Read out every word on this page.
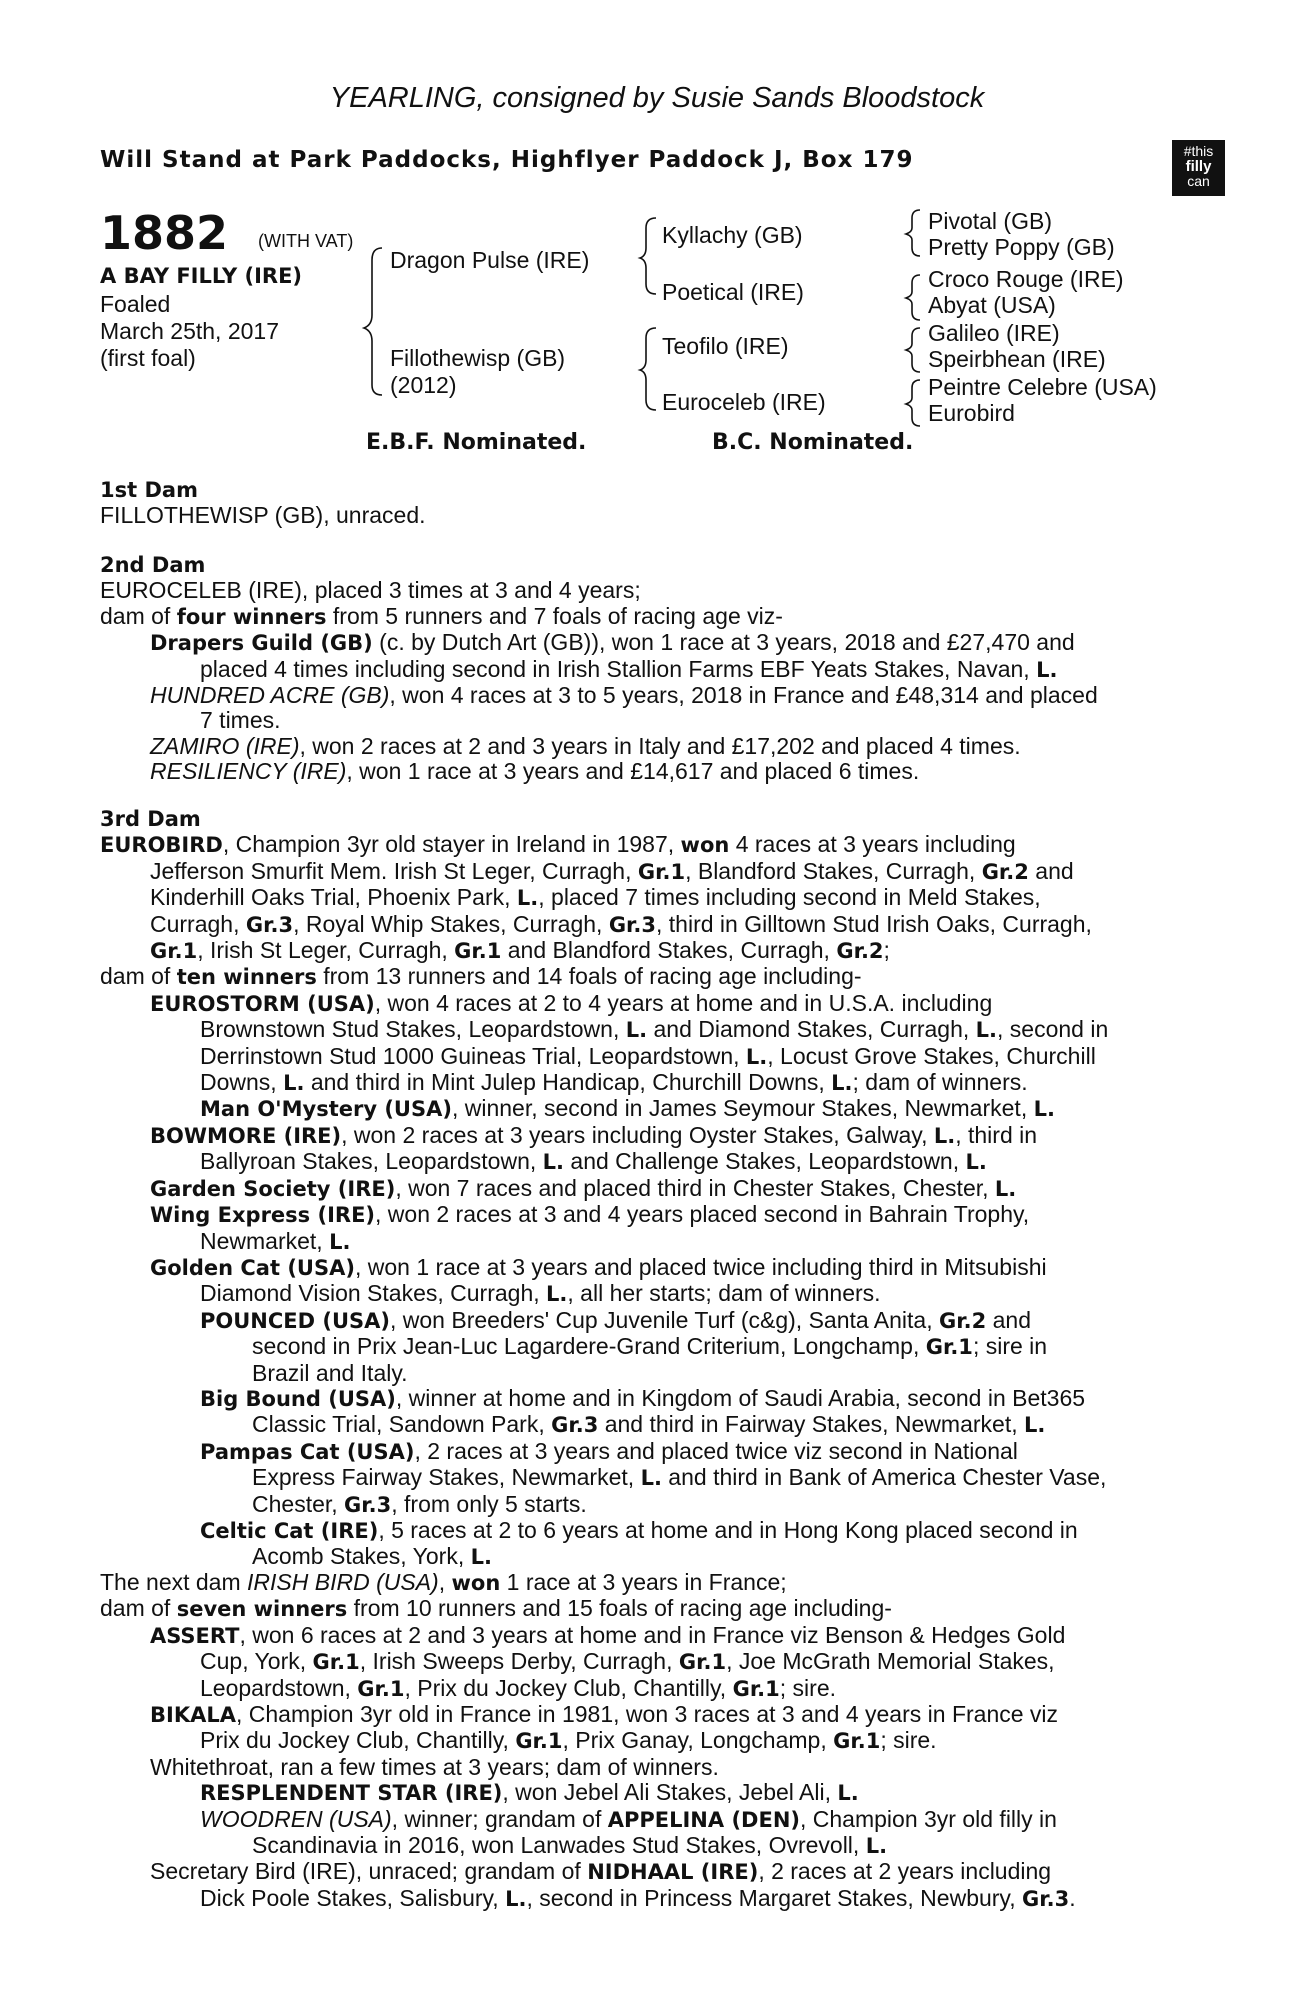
YEARLING, consigned by Susie Sands Bloodstock
Will Stand at Park Paddocks, Highflyer Paddock J, Box 179	#this
filly
can
1882 (WITH VAT)
A BAY FILLY (IRE)
Foaled
March 25th, 2017
(first foal)
Dragon Pulse (IRE)
Fillothewisp (GB)
(2012)
Kyllachy (GB)
Poetical (IRE)
Teofilo (IRE)
Euroceleb (IRE)
Pivotal (GB)
Pretty Poppy (GB)
Croco Rouge (IRE)
Abyat (USA)
Galileo (IRE)
Speirbhean (IRE)
Peintre Celebre (USA)
Eurobird
E.B.F. Nominated.	B.C. Nominated.
1st Dam
FILLOTHEWISP (GB), unraced.
2nd Dam
EUROCELEB (IRE), placed 3 times at 3 and 4 years;
dam of four winners from 5 runners and 7 foals of racing age viz-
Drapers Guild (GB) (c. by Dutch Art (GB)), won 1 race at 3 years, 2018 and £27,470 and
placed 4 times including second in Irish Stallion Farms EBF Yeats Stakes, Navan, L.
HUNDRED ACRE (GB), won 4 races at 3 to 5 years, 2018 in France and £48,314 and placed
7 times.
ZAMIRO (IRE), won 2 races at 2 and 3 years in Italy and £17,202 and placed 4 times.
RESILIENCY (IRE), won 1 race at 3 years and £14,617 and placed 6 times.
3rd Dam
EUROBIRD, Champion 3yr old stayer in Ireland in 1987, won 4 races at 3 years including
Jefferson Smurfit Mem. Irish St Leger, Curragh, Gr.1, Blandford Stakes, Curragh, Gr.2 and
Kinderhill Oaks Trial, Phoenix Park, L., placed 7 times including second in Meld Stakes,
Curragh, Gr.3, Royal Whip Stakes, Curragh, Gr.3, third in Gilltown Stud Irish Oaks, Curragh,
Gr.1, Irish St Leger, Curragh, Gr.1 and Blandford Stakes, Curragh, Gr.2;
dam of ten winners from 13 runners and 14 foals of racing age including-
EUROSTORM (USA), won 4 races at 2 to 4 years at home and in U.S.A. including
Brownstown Stud Stakes, Leopardstown, L. and Diamond Stakes, Curragh, L., second in
Derrinstown Stud 1000 Guineas Trial, Leopardstown, L., Locust Grove Stakes, Churchill
Downs, L. and third in Mint Julep Handicap, Churchill Downs, L.; dam of winners.
Man O'Mystery (USA), winner, second in James Seymour Stakes, Newmarket, L.
BOWMORE (IRE), won 2 races at 3 years including Oyster Stakes, Galway, L., third in
Ballyroan Stakes, Leopardstown, L. and Challenge Stakes, Leopardstown, L.
Garden Society (IRE), won 7 races and placed third in Chester Stakes, Chester, L.
Wing Express (IRE), won 2 races at 3 and 4 years placed second in Bahrain Trophy,
Newmarket, L.
Golden Cat (USA), won 1 race at 3 years and placed twice including third in Mitsubishi
Diamond Vision Stakes, Curragh, L., all her starts; dam of winners.
POUNCED (USA), won Breeders' Cup Juvenile Turf (c&g), Santa Anita, Gr.2 and
second in Prix Jean-Luc Lagardere-Grand Criterium, Longchamp, Gr.1; sire in
Brazil and Italy.
Big Bound (USA), winner at home and in Kingdom of Saudi Arabia, second in Bet365
Classic Trial, Sandown Park, Gr.3 and third in Fairway Stakes, Newmarket, L.
Pampas Cat (USA), 2 races at 3 years and placed twice viz second in National
Express Fairway Stakes, Newmarket, L. and third in Bank of America Chester Vase,
Chester, Gr.3, from only 5 starts.
Celtic Cat (IRE), 5 races at 2 to 6 years at home and in Hong Kong placed second in
Acomb Stakes, York, L.
The next dam IRISH BIRD (USA), won 1 race at 3 years in France;
dam of seven winners from 10 runners and 15 foals of racing age including-
ASSERT, won 6 races at 2 and 3 years at home and in France viz Benson & Hedges Gold
Cup, York, Gr.1, Irish Sweeps Derby, Curragh, Gr.1, Joe McGrath Memorial Stakes,
Leopardstown, Gr.1, Prix du Jockey Club, Chantilly, Gr.1; sire.
BIKALA, Champion 3yr old in France in 1981, won 3 races at 3 and 4 years in France viz
Prix du Jockey Club, Chantilly, Gr.1, Prix Ganay, Longchamp, Gr.1; sire.
Whitethroat, ran a few times at 3 years; dam of winners.
RESPLENDENT STAR (IRE), won Jebel Ali Stakes, Jebel Ali, L.
WOODREN (USA), winner; grandam of APPELINA (DEN), Champion 3yr old filly in
Scandinavia in 2016, won Lanwades Stud Stakes, Ovrevoll, L.
Secretary Bird (IRE), unraced; grandam of NIDHAAL (IRE), 2 races at 2 years including
Dick Poole Stakes, Salisbury, L., second in Princess Margaret Stakes, Newbury, Gr.3.
